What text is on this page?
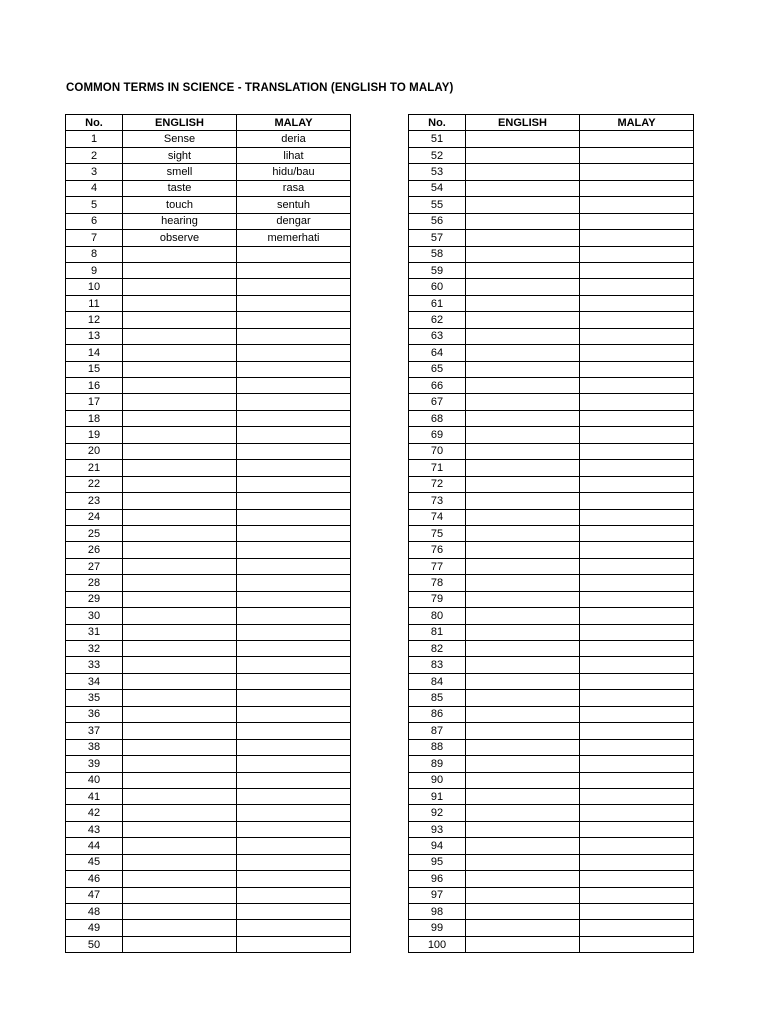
COMMON TERMS IN SCIENCE - TRANSLATION (ENGLISH TO MALAY)
No.	ENGLISH	MALAY
1	Sense	deria
2	sight	lihat
3	smell	hidu/bau
4	taste	rasa
5	touch	sentuh
6	hearing	dengar
7	observe	memerhati
8		
9		
10		
11		
12		
13		
14		
15		
16		
17		
18		
19		
20		
21		
22		
23		
24		
25		
26		
27		
28		
29		
30		
31		
32		
33		
34		
35		
36		
37		
38		
39		
40		
41		
42		
43		
44		
45		
46		
47		
48		
49		
50		
No.	ENGLISH	MALAY
51		
52		
53		
54		
55		
56		
57		
58		
59		
60		
61		
62		
63		
64		
65		
66		
67		
68		
69		
70		
71		
72		
73		
74		
75		
76		
77		
78		
79		
80		
81		
82		
83		
84		
85		
86		
87		
88		
89		
90		
91		
92		
93		
94		
95		
96		
97		
98		
99		
100		
